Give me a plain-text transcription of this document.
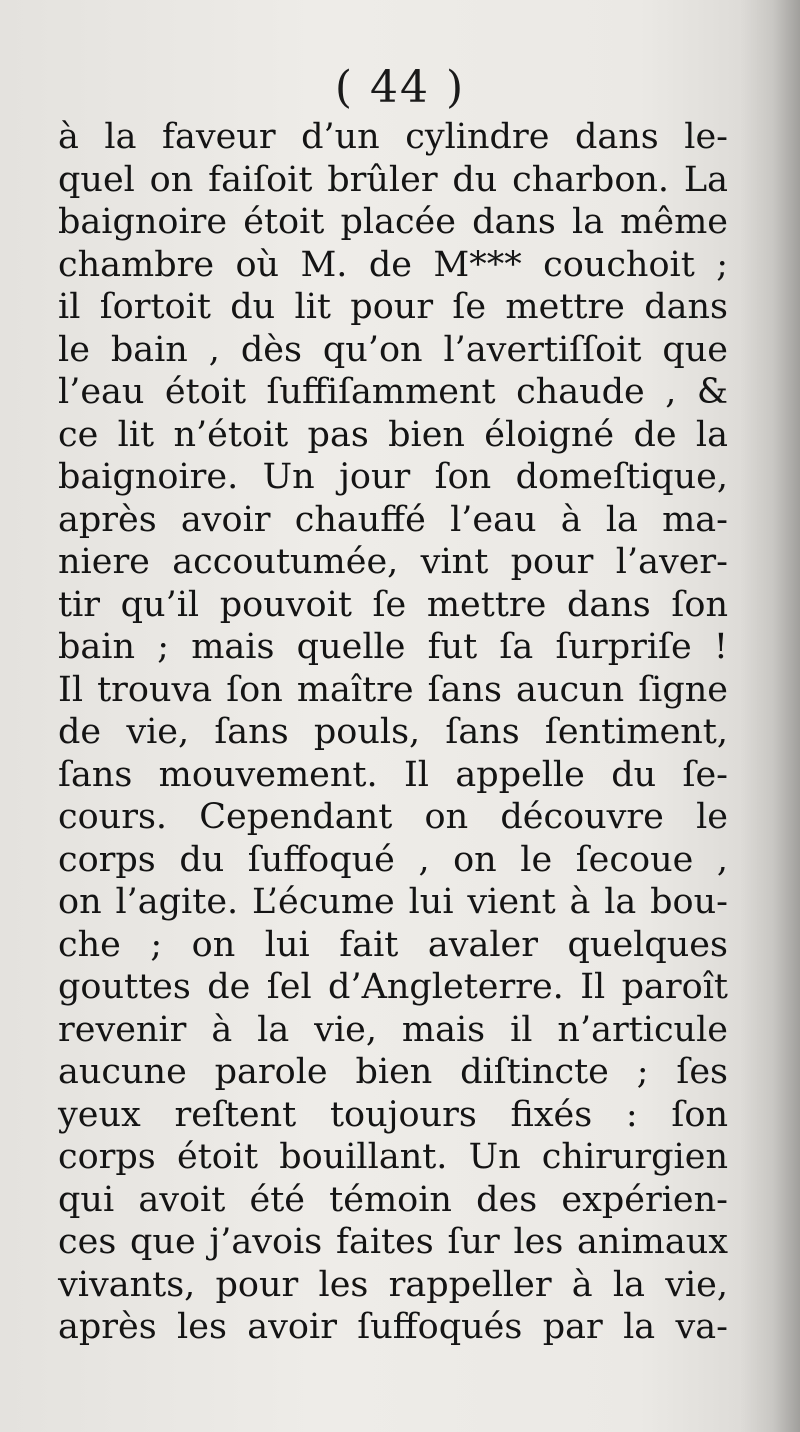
( 44 )
à la faveur d’un cylindre dans le-
quel on faiſoit brûler du charbon. La
baignoire étoit placée dans la même
chambre où M. de M*** couchoit ;
il ſortoit du lit pour ſe mettre dans
le bain , dès qu’on l’avertiſſoit que
l’eau étoit ſuffiſamment chaude , &
ce lit n’étoit pas bien éloigné de la
baignoire. Un jour ſon domeſtique,
après avoir chauffé l’eau à la ma-
niere accoutumée, vint pour l’aver-
tir qu’il pouvoit ſe mettre dans ſon
bain ; mais quelle fut ſa ſurpriſe !
Il trouva ſon maître ſans aucun ſigne
de vie, ſans pouls, ſans ſentiment,
ſans mouvement. Il appelle du ſe-
cours. Cependant on découvre le
corps du ſuffoqué , on le ſecoue ,
on l’agite. L’écume lui vient à la bou-
che ; on lui fait avaler quelques
gouttes de ſel d’Angleterre. Il paroît
revenir à la vie, mais il n’articule
aucune parole bien diſtincte ; ſes
yeux reſtent toujours fixés : ſon
corps étoit bouillant. Un chirurgien
qui avoit été témoin des expérien-
ces que j’avois faites ſur les animaux
vivants, pour les rappeller à la vie,
après les avoir ſuffoqués par la va-
